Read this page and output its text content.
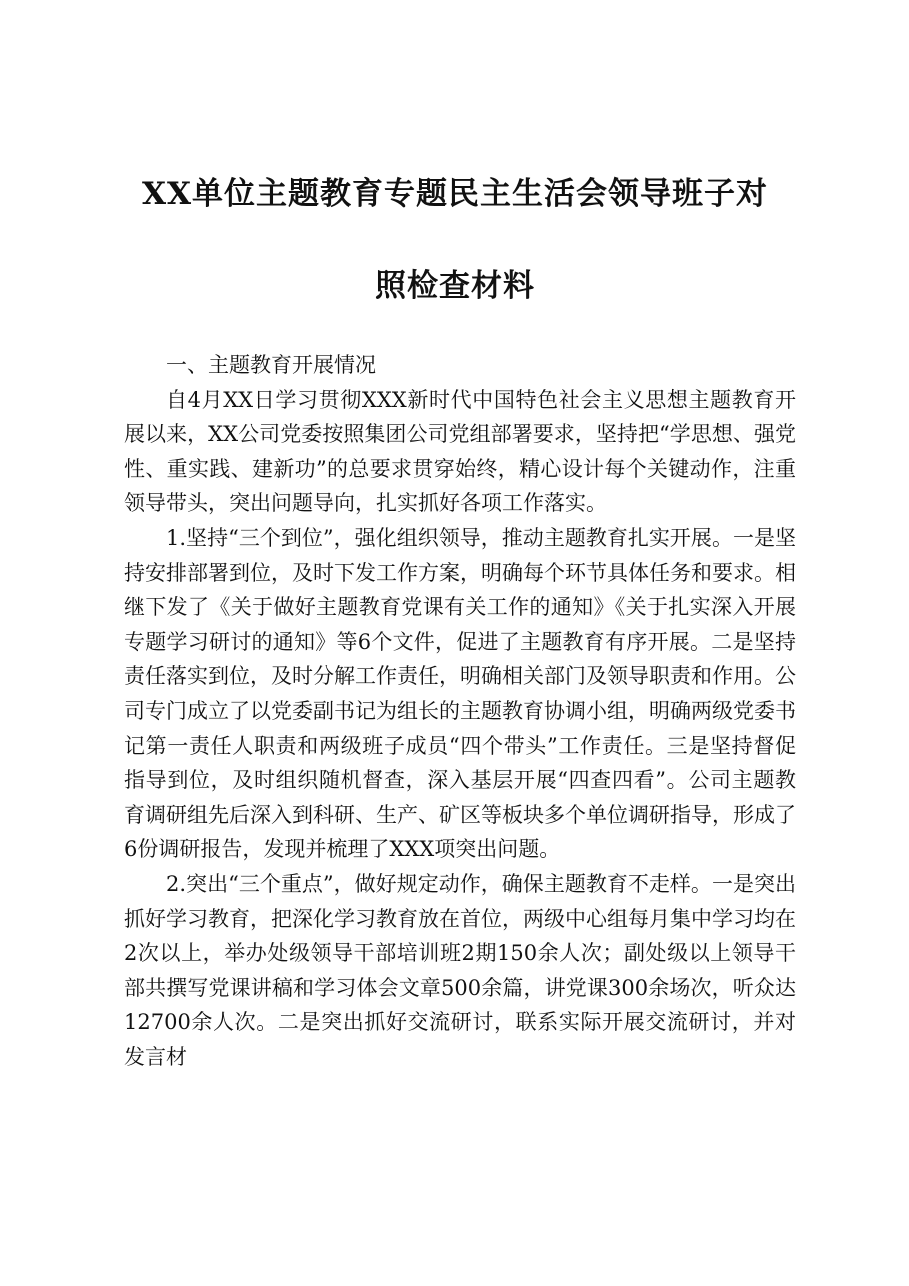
XX单位主题教育专题民主生活会领导班子对
照检查材料

一、主题教育开展情况

自4月XX日学习贯彻XXX新时代中国特色社会主义思想主题教育开展以来，XX公司党委按照集团公司党组部署要求，坚持把“学思想、强党性、重实践、建新功”的总要求贯穿始终，精心设计每个关键动作，注重领导带头，突出问题导向，扎实抓好各项工作落实。

1.坚持“三个到位”，强化组织领导，推动主题教育扎实开展。一是坚持安排部署到位，及时下发工作方案，明确每个环节具体任务和要求。相继下发了《关于做好主题教育党课有关工作的通知》《关于扎实深入开展专题学习研讨的通知》等6个文件，促进了主题教育有序开展。二是坚持责任落实到位，及时分解工作责任，明确相关部门及领导职责和作用。公司专门成立了以党委副书记为组长的主题教育协调小组，明确两级党委书记第一责任人职责和两级班子成员“四个带头”工作责任。三是坚持督促指导到位，及时组织随机督查，深入基层开展“四查四看”。公司主题教育调研组先后深入到科研、生产、矿区等板块多个单位调研指导，形成了6份调研报告，发现并梳理了XXX项突出问题。

2.突出“三个重点”，做好规定动作，确保主题教育不走样。一是突出抓好学习教育，把深化学习教育放在首位，两级中心组每月集中学习均在2次以上，举办处级领导干部培训班2期150余人次；副处级以上领导干部共撰写党课讲稿和学习体会文章500余篇，讲党课300余场次，听众达12700余人次。二是突出抓好交流研讨，联系实际开展交流研讨，并对发言材
